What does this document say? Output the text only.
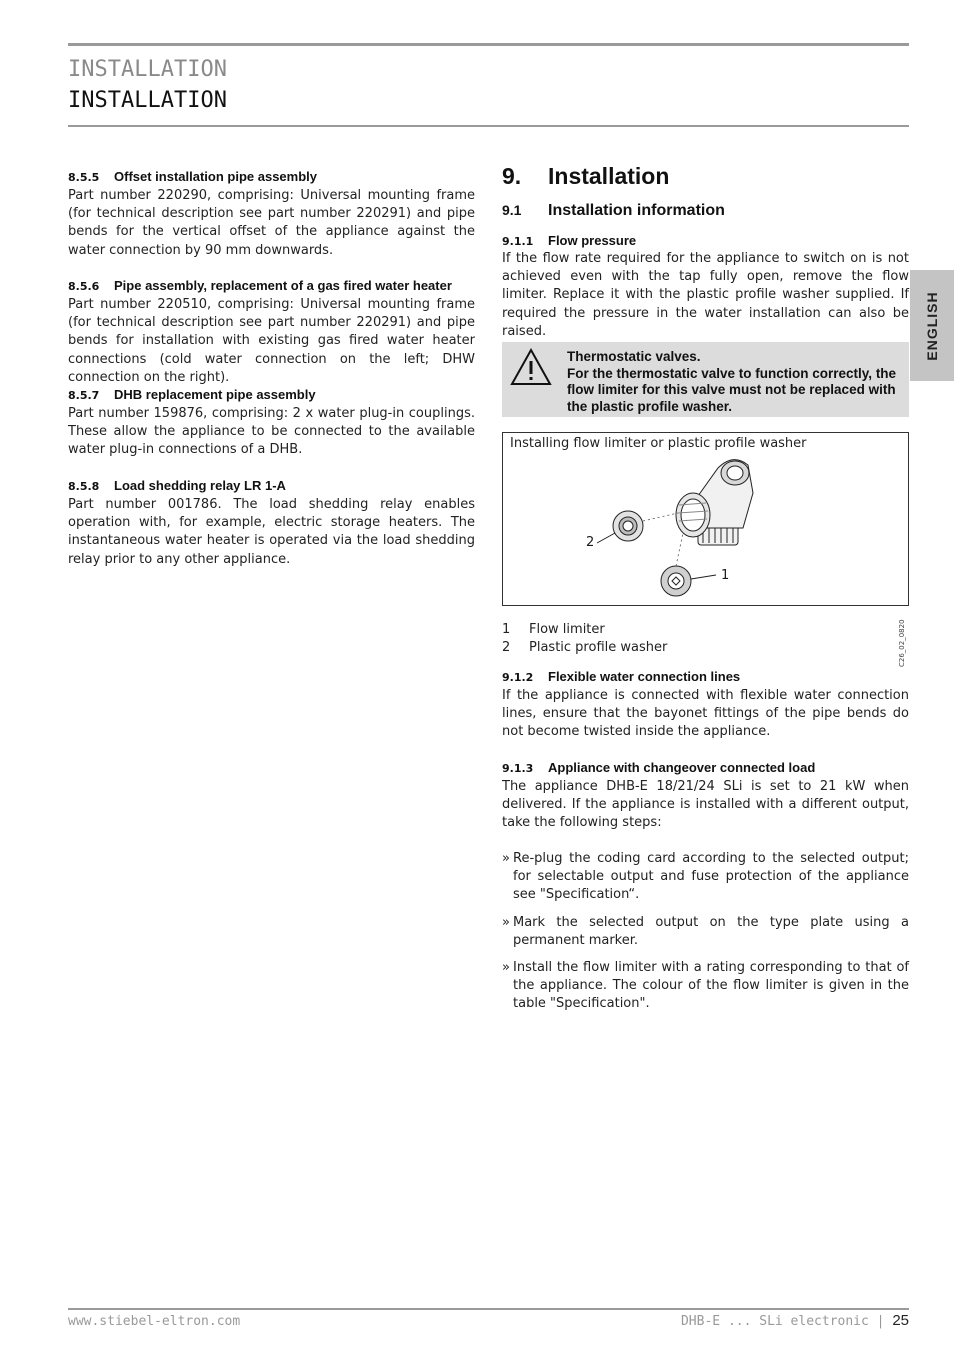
INSTALLATION
INSTALLATION
8.5.5 Offset installation pipe assembly
Part number 220290, comprising: Universal mounting frame (for technical description see part number 220291) and pipe bends for the vertical offset of the appliance against the water connection by 90 mm downwards.
8.5.6 Pipe assembly, replacement of a gas fired water heater
Part number 220510, comprising: Universal mounting frame (for technical description see part number 220291) and pipe bends for installation with existing gas fired water heater connections (cold water connection on the left; DHW connection on the right).
8.5.7 DHB replacement pipe assembly
Part number 159876, comprising: 2 x water plug-in couplings. These allow the appliance to be connected to the available water plug-in connections of a DHB.
8.5.8 Load shedding relay LR 1-A
Part number 001786. The load shedding relay enables operation with, for example, electric storage heaters. The instantaneous water heater is operated via the load shedding relay prior to any other appliance.
9. Installation
9.1 Installation information
9.1.1 Flow pressure
If the flow rate required for the appliance to switch on is not achieved even with the tap fully open, remove the flow limiter. Replace it with the plastic profile washer supplied. If required the pressure in the water installation can also be raised.
Thermostatic valves.
For the thermostatic valve to function correctly, the flow limiter for this valve must not be replaced with the plastic profile washer.
Installing flow limiter or plastic profile washer
2
1
C26_02_0820
1 Flow limiter
2 Plastic profile washer
9.1.2 Flexible water connection lines
If the appliance is connected with flexible water connection lines, ensure that the bayonet fittings of the pipe bends do not become twisted inside the appliance.
9.1.3 Appliance with changeover connected load
The appliance DHB-E 18/21/24 SLi is set to 21 kW when delivered. If the appliance is installed with a different output, take the following steps:
» Re-plug the coding card according to the selected output; for selectable output and fuse protection of the appliance see "Specification“.
» Mark the selected output on the type plate using a permanent marker.
» Install the flow limiter with a rating corresponding to that of the appliance. The colour of the flow limiter is given in the table "Specification".
ENGLISH
www.stiebel-eltron.com	DHB-E ... SLi electronic | 25
